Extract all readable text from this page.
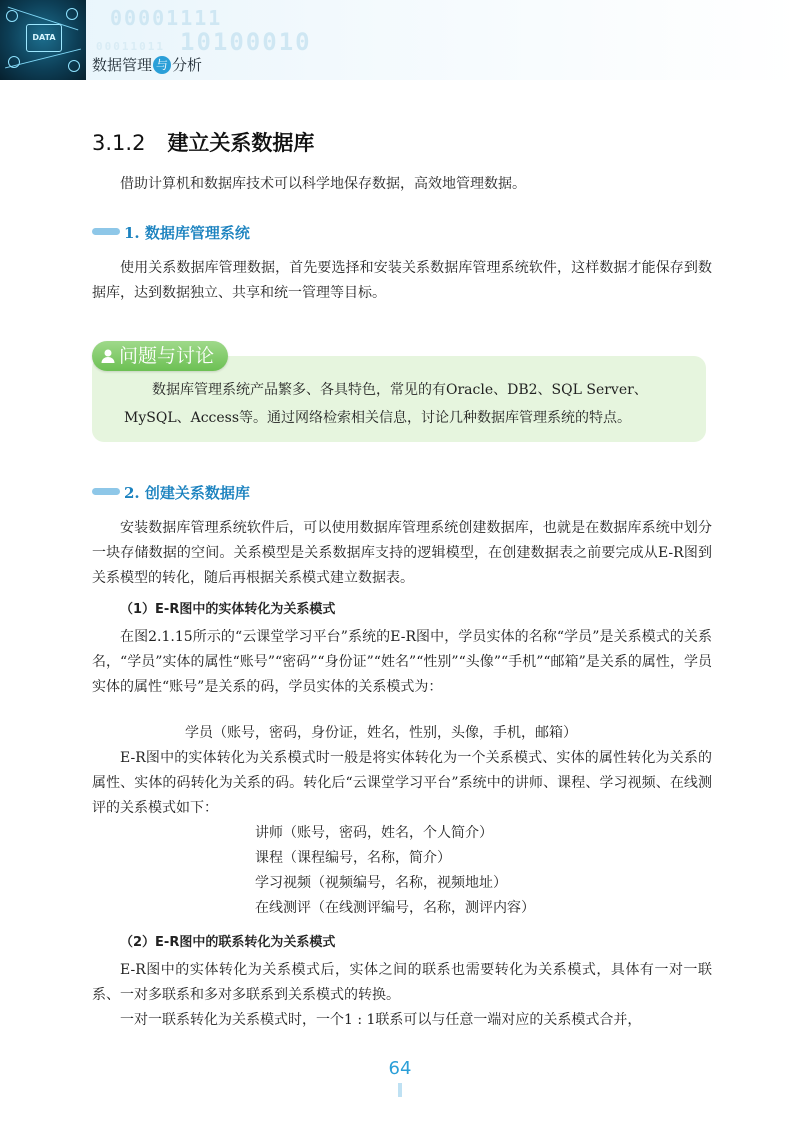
DATA
00001111
10100010
00011011
数据管理 与 分析
3.1.2 建立关系数据库
借助计算机和数据库技术可以科学地保存数据，高效地管理数据。
1. 数据库管理系统
使用关系数据库管理数据，首先要选择和安装关系数据库管理系统软件，这样数据才能保存到数据库，达到数据独立、共享和统一管理等目标。
问题与讨论
数据库管理系统产品繁多、各具特色，常见的有Oracle、DB2、SQL Server、MySQL、Access等。通过网络检索相关信息，讨论几种数据库管理系统的特点。
2. 创建关系数据库
安装数据库管理系统软件后，可以使用数据库管理系统创建数据库，也就是在数据库系统中划分一块存储数据的空间。关系模型是关系数据库支持的逻辑模型，在创建数据表之前要完成从E-R图到关系模型的转化，随后再根据关系模式建立数据表。
（1）E-R图中的实体转化为关系模式
在图2.1.15所示的“云课堂学习平台”系统的E-R图中，学员实体的名称“学员”是关系模式的关系名，“学员”实体的属性“账号”“密码”“身份证”“姓名”“性别”“头像”“手机”“邮箱”是关系的属性，学员实体的属性“账号”是关系的码，学员实体的关系模式为：
学员（账号，密码，身份证，姓名，性别，头像，手机，邮箱）
E-R图中的实体转化为关系模式时一般是将实体转化为一个关系模式、实体的属性转化为关系的属性、实体的码转化为关系的码。转化后“云课堂学习平台”系统中的讲师、课程、学习视频、在线测评的关系模式如下：
讲师（账号，密码，姓名，个人简介）
课程（课程编号，名称，简介）
学习视频（视频编号，名称，视频地址）
在线测评（在线测评编号，名称，测评内容）
（2）E-R图中的联系转化为关系模式
E-R图中的实体转化为关系模式后，实体之间的联系也需要转化为关系模式，具体有一对一联系、一对多联系和多对多联系到关系模式的转换。
一对一联系转化为关系模式时，一个1 : 1联系可以与任意一端对应的关系模式合并，
64
